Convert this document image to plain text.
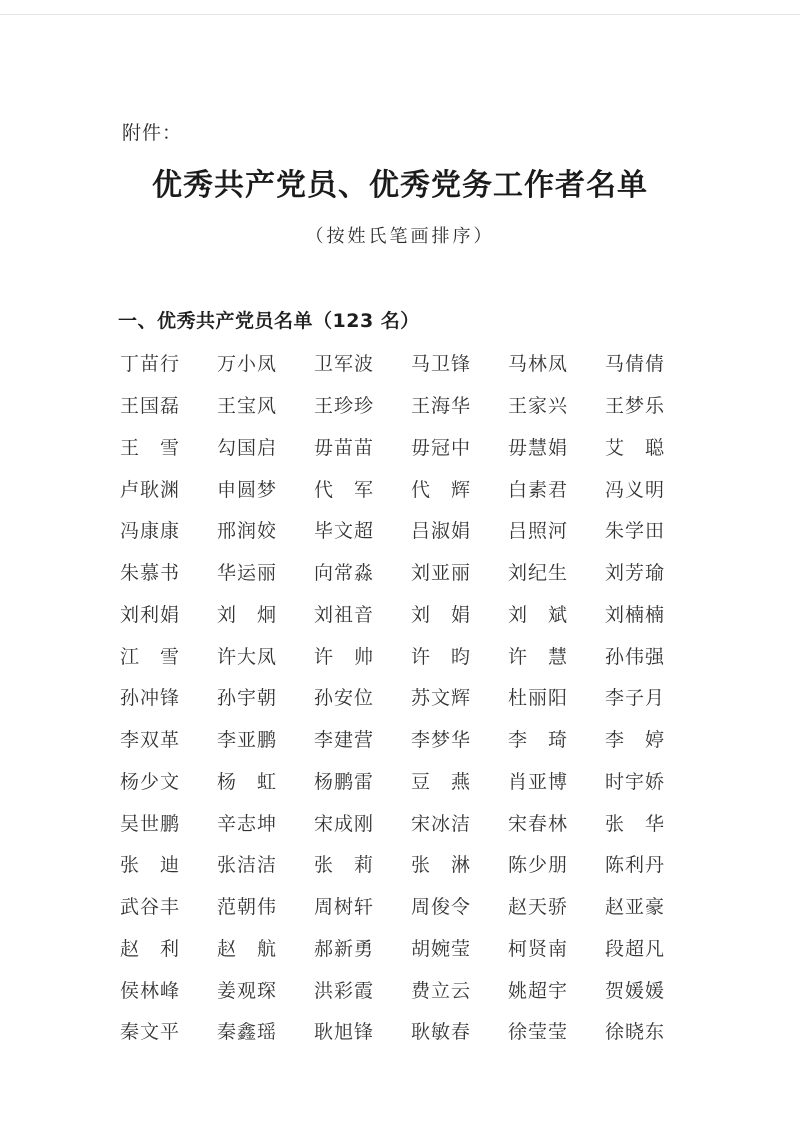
附件：
优秀共产党员、优秀党务工作者名单
（按姓氏笔画排序）
一、优秀共产党员名单（123 名）
丁苗行	万小凤	卫军波	马卫锋	马林凤	马倩倩
王国磊	王宝风	王珍珍	王海华	王家兴	王梦乐
王　雪	勾国启	毋苗苗	毋冠中	毋慧娟	艾　聪
卢耿渊	申圆梦	代　军	代　辉	白素君	冯义明
冯康康	邢润姣	毕文超	吕淑娟	吕照河	朱学田
朱慕书	华运丽	向常淼	刘亚丽	刘纪生	刘芳瑜
刘利娟	刘　炯	刘祖音	刘　娟	刘　斌	刘楠楠
江　雪	许大凤	许　帅	许　昀	许　慧	孙伟强
孙冲锋	孙宇朝	孙安位	苏文辉	杜丽阳	李子月
李双革	李亚鹏	李建营	李梦华	李　琦	李　婷
杨少文	杨　虹	杨鹏雷	豆　燕	肖亚博	时宇娇
吴世鹏	辛志坤	宋成刚	宋冰洁	宋春林	张　华
张　迪	张洁洁	张　莉	张　淋	陈少朋	陈利丹
武谷丰	范朝伟	周树轩	周俊令	赵天骄	赵亚豪
赵　利	赵　航	郝新勇	胡婉莹	柯贤南	段超凡
侯林峰	姜观琛	洪彩霞	费立云	姚超宇	贺媛媛
秦文平	秦鑫瑶	耿旭锋	耿敏春	徐莹莹	徐晓东
